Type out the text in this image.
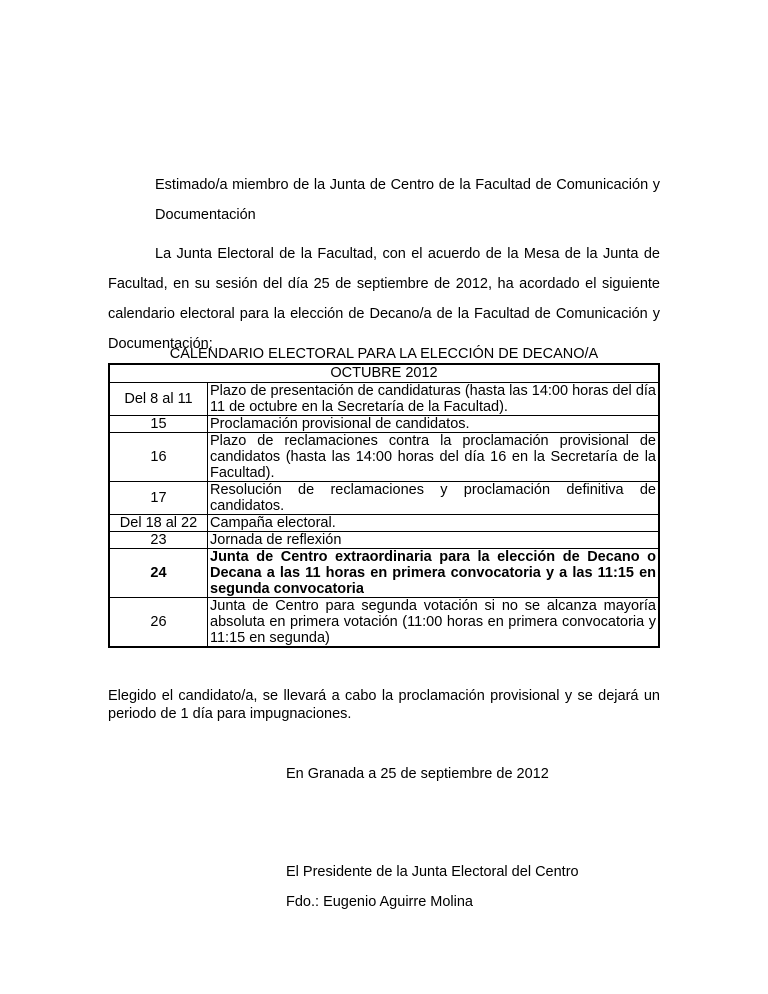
Estimado/a miembro de la Junta de Centro de la Facultad de Comunicación y Documentación
La Junta Electoral de la Facultad, con el acuerdo de la Mesa de la Junta de Facultad, en su sesión del día 25 de septiembre de 2012, ha acordado el siguiente calendario electoral para la elección de Decano/a de la Facultad de Comunicación y Documentación:
CALENDARIO ELECTORAL PARA LA ELECCIÓN DE DECANO/A
OCTUBRE 2012	
Del 8 al 11	Plazo de presentación de candidaturas (hasta las 14:00 horas del día 11 de octubre en la Secretaría de la Facultad).
15	Proclamación provisional de candidatos.
16	Plazo de reclamaciones contra la proclamación provisional de candidatos (hasta las 14:00 horas del día 16 en la Secretaría de la Facultad).
17	Resolución de reclamaciones y proclamación definitiva de candidatos.
Del 18 al 22	Campaña electoral.
23	Jornada de reflexión
24	Junta de Centro extraordinaria para la elección de Decano o Decana a las 11 horas en primera convocatoria y a las 11:15 en segunda convocatoria
26	Junta de Centro para segunda votación si no se alcanza mayoría absoluta en primera votación (11:00 horas en primera convocatoria y 11:15 en segunda)
Elegido el candidato/a, se llevará a cabo la proclamación provisional y se dejará un periodo de 1 día para impugnaciones.
En Granada a 25 de septiembre de 2012
El Presidente de la Junta Electoral del Centro
Fdo.: Eugenio Aguirre Molina
